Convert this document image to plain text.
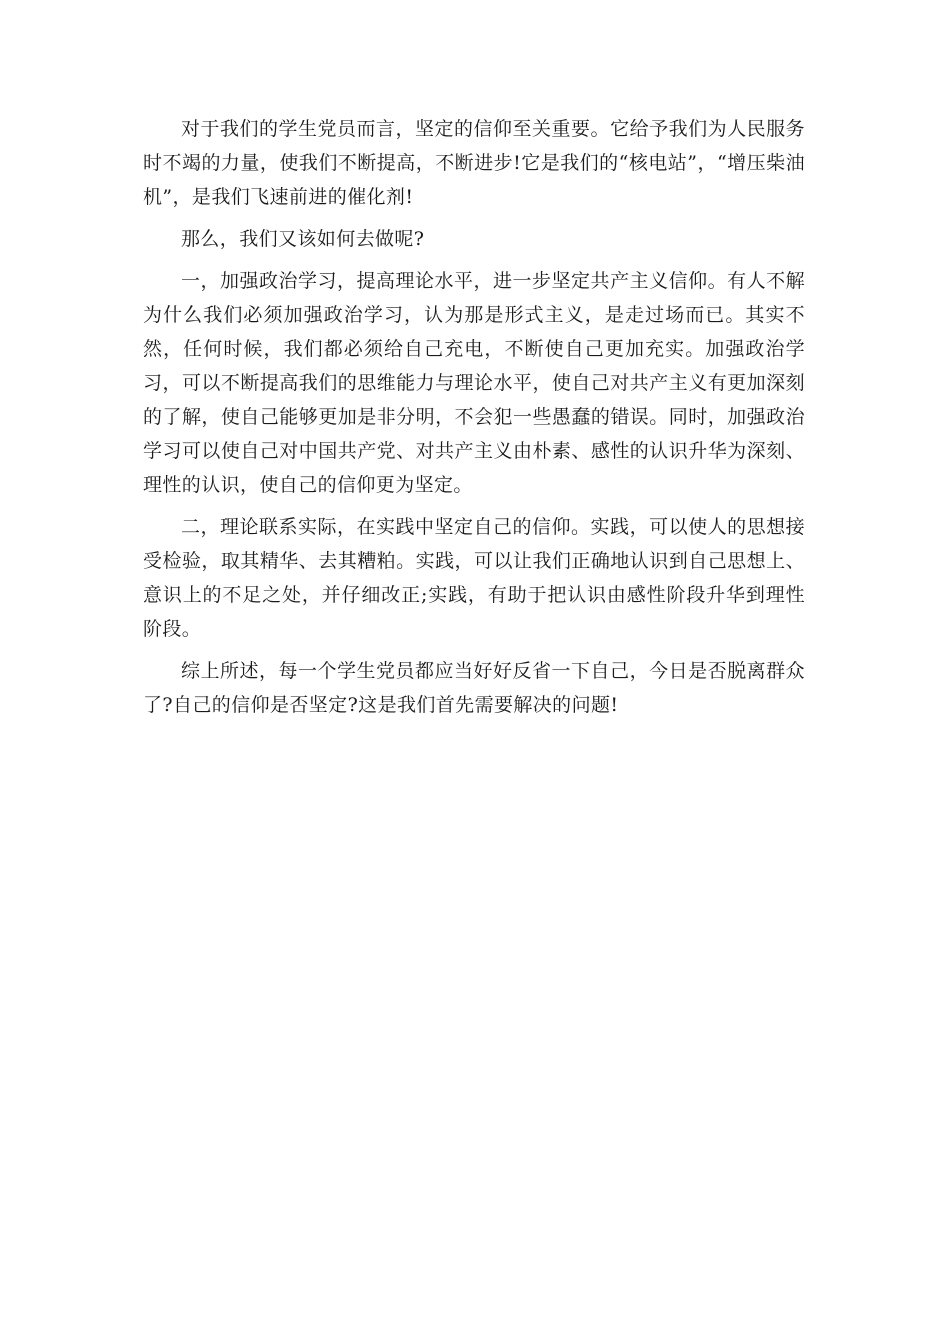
对于我们的学生党员而言，坚定的信仰至关重要。它给予我们为人民服务时不竭的力量，使我们不断提高，不断进步!它是我们的“核电站”，“增压柴油机”，是我们飞速前进的催化剂!

那么，我们又该如何去做呢?

一，加强政治学习，提高理论水平，进一步坚定共产主义信仰。有人不解为什么我们必须加强政治学习，认为那是形式主义，是走过场而已。其实不然，任何时候，我们都必须给自己充电，不断使自己更加充实。加强政治学习，可以不断提高我们的思维能力与理论水平，使自己对共产主义有更加深刻的了解，使自己能够更加是非分明，不会犯一些愚蠢的错误。同时，加强政治学习可以使自己对中国共产党、对共产主义由朴素、感性的认识升华为深刻、理性的认识，使自己的信仰更为坚定。

二，理论联系实际，在实践中坚定自己的信仰。实践，可以使人的思想接受检验，取其精华、去其糟粕。实践，可以让我们正确地认识到自己思想上、意识上的不足之处，并仔细改正;实践，有助于把认识由感性阶段升华到理性阶段。

综上所述，每一个学生党员都应当好好反省一下自己，今日是否脱离群众了?自己的信仰是否坚定?这是我们首先需要解决的问题!
